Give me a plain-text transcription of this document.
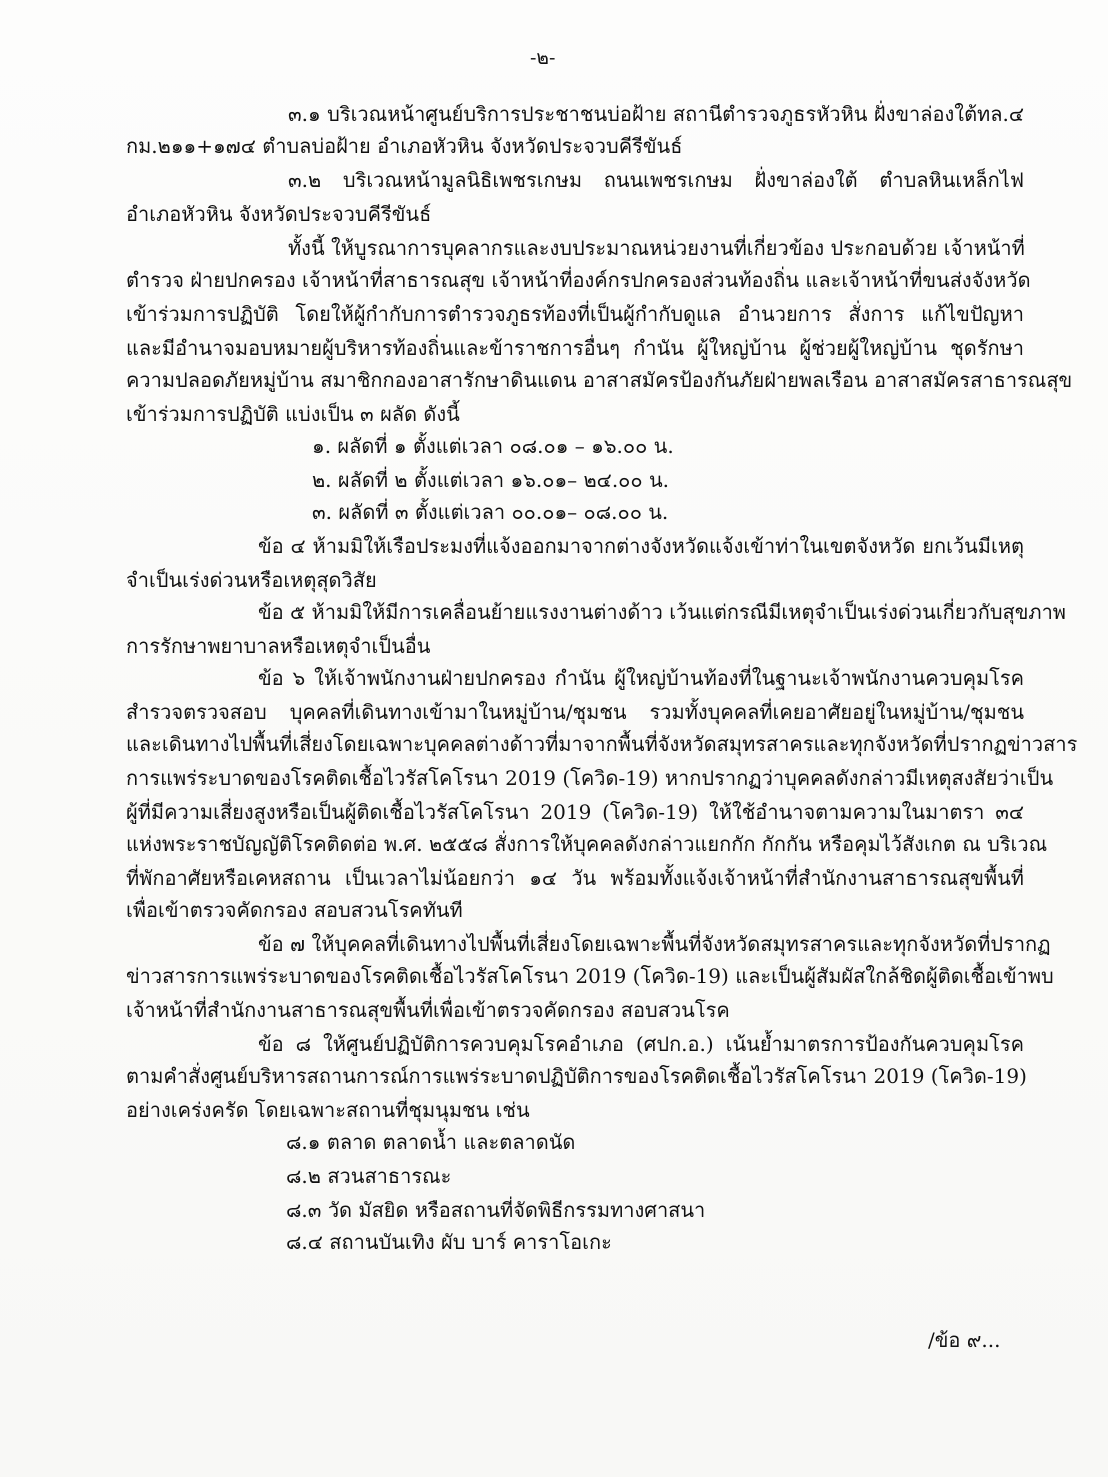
-๒-
๓.๑ บริเวณหน้าศูนย์บริการประชาชนบ่อฝ้าย สถานีตำรวจภูธรหัวหิน ฝั่งขาล่องใต้ทล.๔
กม.๒๑๑+๑๗๔ ตำบลบ่อฝ้าย อำเภอหัวหิน จังหวัดประจวบคีรีขันธ์
๓.๒ บริเวณหน้ามูลนิธิเพชรเกษม ถนนเพชรเกษม ฝั่งขาล่องใต้ ตำบลหินเหล็กไฟ
อำเภอหัวหิน จังหวัดประจวบคีรีขันธ์
ทั้งนี้ ให้บูรณาการบุคลากรและงบประมาณหน่วยงานที่เกี่ยวข้อง ประกอบด้วย เจ้าหน้าที่
ตำรวจ ฝ่ายปกครอง เจ้าหน้าที่สาธารณสุข เจ้าหน้าที่องค์กรปกครองส่วนท้องถิ่น และเจ้าหน้าที่ขนส่งจังหวัด
เข้าร่วมการปฏิบัติ โดยให้ผู้กำกับการตำรวจภูธรท้องที่เป็นผู้กำกับดูแล อำนวยการ สั่งการ แก้ไขปัญหา
และมีอำนาจมอบหมายผู้บริหารท้องถิ่นและข้าราชการอื่นๆ กำนัน ผู้ใหญ่บ้าน ผู้ช่วยผู้ใหญ่บ้าน ชุดรักษา
ความปลอดภัยหมู่บ้าน สมาชิกกองอาสารักษาดินแดน อาสาสมัครป้องกันภัยฝ่ายพลเรือน อาสาสมัครสาธารณสุข
เข้าร่วมการปฏิบัติ แบ่งเป็น ๓ ผลัด ดังนี้
๑. ผลัดที่ ๑ ตั้งแต่เวลา ๐๘.๐๑ – ๑๖.๐๐ น.
๒. ผลัดที่ ๒ ตั้งแต่เวลา ๑๖.๐๑– ๒๔.๐๐ น.
๓. ผลัดที่ ๓ ตั้งแต่เวลา ๐๐.๐๑– ๐๘.๐๐ น.
ข้อ ๔ ห้ามมิให้เรือประมงที่แจ้งออกมาจากต่างจังหวัดแจ้งเข้าท่าในเขตจังหวัด ยกเว้นมีเหตุ
จำเป็นเร่งด่วนหรือเหตุสุดวิสัย
ข้อ ๕ ห้ามมิให้มีการเคลื่อนย้ายแรงงานต่างด้าว เว้นแต่กรณีมีเหตุจำเป็นเร่งด่วนเกี่ยวกับสุขภาพ
การรักษาพยาบาลหรือเหตุจำเป็นอื่น
ข้อ ๖ ให้เจ้าพนักงานฝ่ายปกครอง กำนัน ผู้ใหญ่บ้านท้องที่ในฐานะเจ้าพนักงานควบคุมโรค
สำรวจตรวจสอบ บุคคลที่เดินทางเข้ามาในหมู่บ้าน/ชุมชน รวมทั้งบุคคลที่เคยอาศัยอยู่ในหมู่บ้าน/ชุมชน
และเดินทางไปพื้นที่เสี่ยงโดยเฉพาะบุคคลต่างด้าวที่มาจากพื้นที่จังหวัดสมุทรสาครและทุกจังหวัดที่ปรากฏข่าวสาร
การแพร่ระบาดของโรคติดเชื้อไวรัสโคโรนา 2019 (โควิด-19) หากปรากฏว่าบุคคลดังกล่าวมีเหตุสงสัยว่าเป็น
ผู้ที่มีความเสี่ยงสูงหรือเป็นผู้ติดเชื้อไวรัสโคโรนา 2019 (โควิด-19) ให้ใช้อำนาจตามความในมาตรา ๓๔
แห่งพระราชบัญญัติโรคติดต่อ พ.ศ. ๒๕๕๘ สั่งการให้บุคคลดังกล่าวแยกกัก กักกัน หรือคุมไว้สังเกต ณ บริเวณ
ที่พักอาศัยหรือเคหสถาน เป็นเวลาไม่น้อยกว่า ๑๔ วัน พร้อมทั้งแจ้งเจ้าหน้าที่สำนักงานสาธารณสุขพื้นที่
เพื่อเข้าตรวจคัดกรอง สอบสวนโรคทันที
ข้อ ๗ ให้บุคคลที่เดินทางไปพื้นที่เสี่ยงโดยเฉพาะพื้นที่จังหวัดสมุทรสาครและทุกจังหวัดที่ปรากฏ
ข่าวสารการแพร่ระบาดของโรคติดเชื้อไวรัสโคโรนา 2019 (โควิด-19) และเป็นผู้สัมผัสใกล้ชิดผู้ติดเชื้อเข้าพบ
เจ้าหน้าที่สำนักงานสาธารณสุขพื้นที่เพื่อเข้าตรวจคัดกรอง สอบสวนโรค
ข้อ ๘ ให้ศูนย์ปฏิบัติการควบคุมโรคอำเภอ (ศปก.อ.) เน้นย้ำมาตรการป้องกันควบคุมโรค
ตามคำสั่งศูนย์บริหารสถานการณ์การแพร่ระบาดปฏิบัติการของโรคติดเชื้อไวรัสโคโรนา 2019 (โควิด-19)
อย่างเคร่งครัด โดยเฉพาะสถานที่ชุมนุมชน เช่น
๘.๑ ตลาด ตลาดน้ำ และตลาดนัด
๘.๒ สวนสาธารณะ
๘.๓ วัด มัสยิด หรือสถานที่จัดพิธีกรรมทางศาสนา
๘.๔ สถานบันเทิง ผับ บาร์ คาราโอเกะ
/ข้อ ๙...
